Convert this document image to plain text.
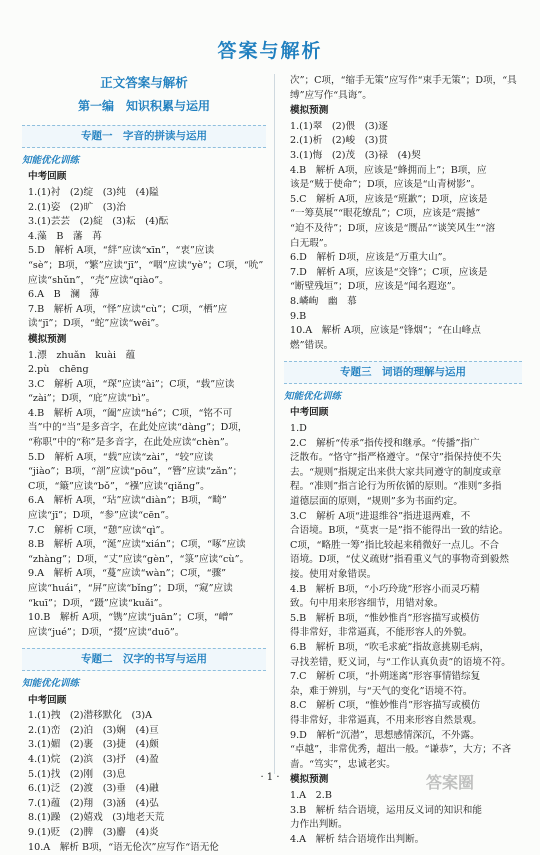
答案与解析
正文答案与解析
第一编　知识积累与运用
专题一　字音的拼读与运用
知能优化训练
中考回顾
1.(1)衬　(2)绽　(3)纯　(4)隘
2.(1)姿　(2)旷　(3)治
3.(1)芸芸　(2)綻　(3)耘　(4)酝
4.藻　B　藩　苒
5.D　解析 A项，“絆”应读“xīn”，“衷”应读
“sè”；B项，“繁”应读“jī”，“咽”应读“yè”；C项，“吮”
应读“shǔn”，“壳”应读“qiào”。
6.A　B　澜　薄
7.B　解析 A项，“怿”应读“cù”；C项，“栖”应
读“jī”；D项，“蛇”应读“wēi”。
模拟预测
1.漂　zhuǎn　kuài　蕴
2.pù　chēng
3.C　解析 A项，“琛”应读“ài”；C项，“载”应读
“zài”；D项，“庇”应读“bì”。
4.B　解析 A项，“阖”应读“hé”；C项，“铭不可
当”中的“当”是多音字，在此处应读“dàng”；D项，
“称职”中的“称”是多音字，在此处应读“chèn”。
5.D　解析 A项，“载”应读“zài”，“较”应读
“jiào”；B项，“剖”应读“pōu”，“簪”应读“zǎn”；
C项，“簸”应读“bǒ”，“襁”应读“qiǎng”。
6.A　解析 A项，“玷”应读“diàn”；B项，“畸”
应读“jī”；D项，“参”应读“cēn”。
7.C　解析 C项，“憩”应读“qì”。
8.B　解析 A项，“涎”应读“xián”；C项，“啄”应读
“zhàng”；D项，“丈”应读“gèn”，“箓”应读“cù”。
9.A　解析 A项，“蔓”应读“wàn”；C项，“骤”
应读“huái”，“屏”应读“bǐng”；D项，“窥”应读
“kuī”；D项，“蹑”应读“kuǎi”。
10.B　解析 A项，“镌”应读“juān”；C项，“嶒”
应读“jué”；D项，“掇”应读“duō”。
专题二　汉字的书写与运用
知能优化训练
中考回顾
1.(1)拽　(2)潜移默化　(3)A
2.(1)峦　(2)泊　(3)娴　(4)亘
3.(1)媚　(2)裹　(3)捷　(4)颇
4.(1)烷　(2)滨　(3)抒　(4)盈
5.(1)找　(2)刚　(3)息
6.(1)泛　(2)渡　(3)垂　(4)融
7.(1)蕴　(2)翔　(3)涵　(4)弘
8.(1)躁　(2)嬉戏　(3)地老天荒
9.(1)贬　(2)脾　(3)麝　(4)炎
10.A　解析 B项，“语无伦次”应写作“语无伦
次”；C项，“缩手无策”应写作“束手无策”；D项，“具
缚”应写作“具诲”。
模拟预测
1.(1)翠　(2)偎　(3)逐
2.(1)析　(2)峻　(3)贯
3.(1)悔　(2)茂　(3)禄　(4)契
4.B　解析 A项，应该是“蜂拥而上”；B项，应
该是“贼于使命”；D项，应该是“山青树影”。
5.C　解析 A项，应该是“班歉”；D项，应该是
“一筹莫展”“眼花缭乱”；C项，应该是“震撼”
“迫不及待”；D项，应该是“赝品”“谈笑风生”“溶
白无瑕”。
6.D　解析 D项，应该是“万重大山”。
7.D　解析 A项，应该是“交锋”；C项，应该是
“断壁残垣”；D项，应该是“闻名遐迩”。
8.嶙峋　幽　慕
9.B
10.A　解析 A项，应该是“锋烟”；“在山峰点
燃”错误。
专题三　词语的理解与运用
知能优化训练
中考回顾
1.D
2.C　解析“传承”指传授和继承。“传播”指广
泛散布。“恪守”指严格遵守。“保守”指保持使不失
去。“规则”指规定出来供大家共同遵守的制度或章
程。“准则”指言论行为所依循的原则。“准则”多指
道德层面的原则，“规则”多为书面约定。
3.C　解析 A项“进退维谷”指进退两难，不
合语境。B项，“莫衷一是”指不能得出一致的结论。
C项，“略胜一筹”指比较起来稍微好一点儿。不合
语境。D项，“仗义疏财”指看重义气的事物奇到毅然
接。使用对象错误。
4.B　解析 B项，“小巧玲珑”形容小而灵巧精
致。句中用来形容细节，用错对象。
5.B　解析 B项，“惟妙惟肖”形容描写或模仿
得非常好，非常逼真，不能形容人的外貌。
6.B　解析 B项，“吹毛求疵”指故意挑剔毛病，
寻找差错，贬义词，与“工作认真负责”的语境不符。
7.C　解析 C项，“扑朔迷离”形容事情错综复
杂，难于辨别，与“天气的变化”语境不符。
8.C　解析 C项，“惟妙惟肖”形容描写或模仿
得非常好，非常逼真，不用来形容自然景观。
9.D　解析“沉潜”，思想感情深沉，不外露。
“卓越”，非常优秀，超出一般。“谦恭”，大方；不吝
啬。“笃实”，忠诚老实。
模拟预测
1.A　2.B
3.B　解析 结合语境，运用反义词的知识和能
力作出判断。
4.A　解析 结合语境作出判断。
· 1 ·	答案圈
